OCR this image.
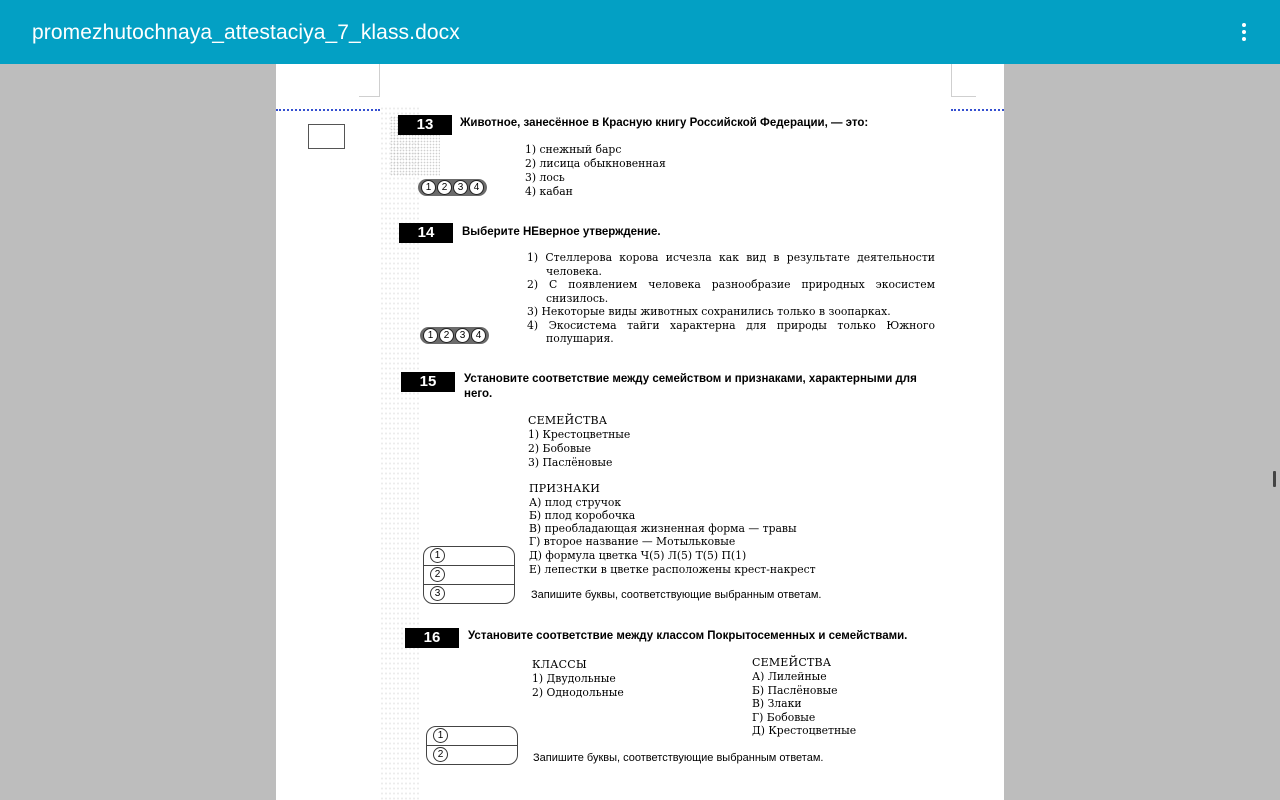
promezhutochnaya_attestaciya_7_klass.docx
13	Животное, занесённое в Красную книгу Российской Федерации, — это:
1) снежный барс
2) лисица обыкновенная
3) лось
4) кабан
1	2	3	4
14	Выберите НЕверное утверждение.
1) Стеллерова корова исчезла как вид в результате деятельности человека.
2) С появлением человека разнообразие природных экосистем снизилось.
3) Некоторые виды животных сохранились только в зоопарках.
4) Экосистема тайги характерна для природы только Южного полушария.
1	2	3	4
15	Установите соответствие между семейством и признаками, характерными для него.
СЕМЕЙСТВА
1) Крестоцветные
2) Бобовые
3) Паслёновые
ПРИЗНАКИ
А) плод стручок
Б) плод коробочка
В) преобладающая жизненная форма — травы
Г) второе название — Мотыльковые
Д) формула цветка Ч(5) Л(5) Т(5) П(1)
Е) лепестки в цветке расположены крест-накрест
1
2
3	Запишите буквы, соответствующие выбранным ответам.
16	Установите соответствие между классом Покрытосеменных и семействами.
КЛАССЫ
1) Двудольные
2) Однодольные
СЕМЕЙСТВА
А) Лилейные
Б) Паслёновые
В) Злаки
Г) Бобовые
Д) Крестоцветные
1
2	Запишите буквы, соответствующие выбранным ответам.
